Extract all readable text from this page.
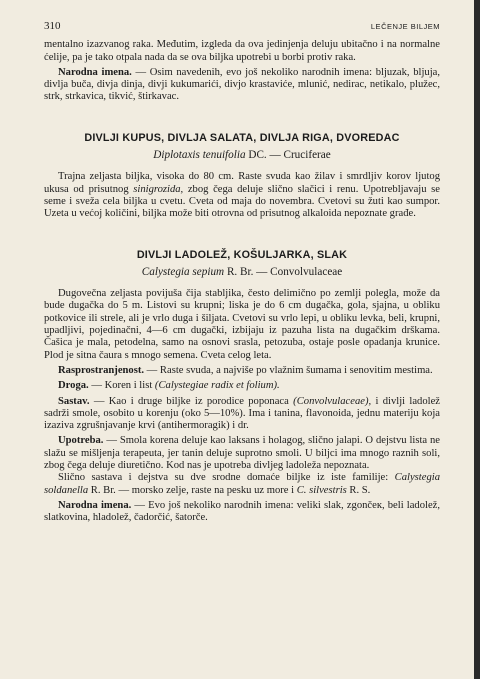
310	LEČENJE BILJEM

mentalno izazvanog raka. Međutim, izgleda da ova jedinjenja deluju ubitačno i na normalne ćelije, pa je tako otpala nada da se ova biljka upotrebi u borbi protiv raka.

Narodna imena. — Osim navedenih, evo još nekoliko narodnih imena: bljuzak, bljuja, divlja buča, divja dinja, divji kukumarići, divjo krastaviće, mlunić, nedirac, netikalo, plužec, strk, strkavica, tikvić, štirkavac.

DIVLJI KUPUS, DIVLJA SALATA, DIVLJA RIGA, DVOREDAC
Diplotaxis tenuifolia DC. — Cruciferae

Trajna zeljasta biljka, visoka do 80 cm. Raste svuda kao žilav i smrdljiv korov ljutog ukusa od prisutnog sinigrozida, zbog čega deluje slično slačici i renu. Upotrebljavaju se seme i sveža cela biljka u cvetu. Cveta od maja do novembra. Cvetovi su žuti kao sumpor. Uzeta u većoj količini, biljka može biti otrovna od prisutnog alkaloida nepoznate građe.

DIVLJI LADOLEŽ, KOŠULJARKA, SLAK
Calystegia sepium R. Br. — Convolvulaceae

Dugovečna zeljasta povijuša čija stabljika, često delimično po zemlji polegla, može da bude dugačka do 5 m. Listovi su krupni; liska je do 6 cm dugačka, gola, sjajna, u obliku potkovice ili strele, ali je vrlo duga i šiljata. Cvetovi su vrlo lepi, u obliku levka, beli, krupni, upadljivi, pojedinačni, 4—6 cm dugački, izbijaju iz pazuha lista na dugačkim drškama. Čašica je mala, petodelna, samo na osnovi srasla, petozuba, ostaje posle opadanja krunice. Plod je sitna čaura s mnogo semena. Cveta celog leta.

Rasprostranjenost. — Raste svuda, a najviše po vlažnim šumama i senovitim mestima.

Droga. — Koren i list (Calystegiae radix et folium).

Sastav. — Kao i druge biljke iz porodice poponaca (Convolvulaceae), i divlji ladolež sadrži smole, osobito u korenju (oko 5—10%). Ima i tanina, flavonoida, jednu materiju koja izaziva zgrušnjavanje krvi (antihermoragik) i dr.

Upotreba. — Smola korena deluje kao laksans i holagog, slično jalapi. O dejstvu lista ne slažu se mišljenja terapeuta, jer tanin deluje suprotno smoli. U biljci ima mnogo raznih soli, zbog čega deluje diuretično. Kod nas je upotreba divljeg ladoleža nepoznata.

Slično sastava i dejstva su dve srodne domaće biljke iz iste familije: Calystegia soldanella R. Br. — morsko zelje, raste na pesku uz more i C. silvestris R. S.

Narodna imena. — Evo još nekoliko narodnih imena: veliki slak, zgončeк, beli ladolež, slatkovina, hladolež, čadorčić, šatorče.
